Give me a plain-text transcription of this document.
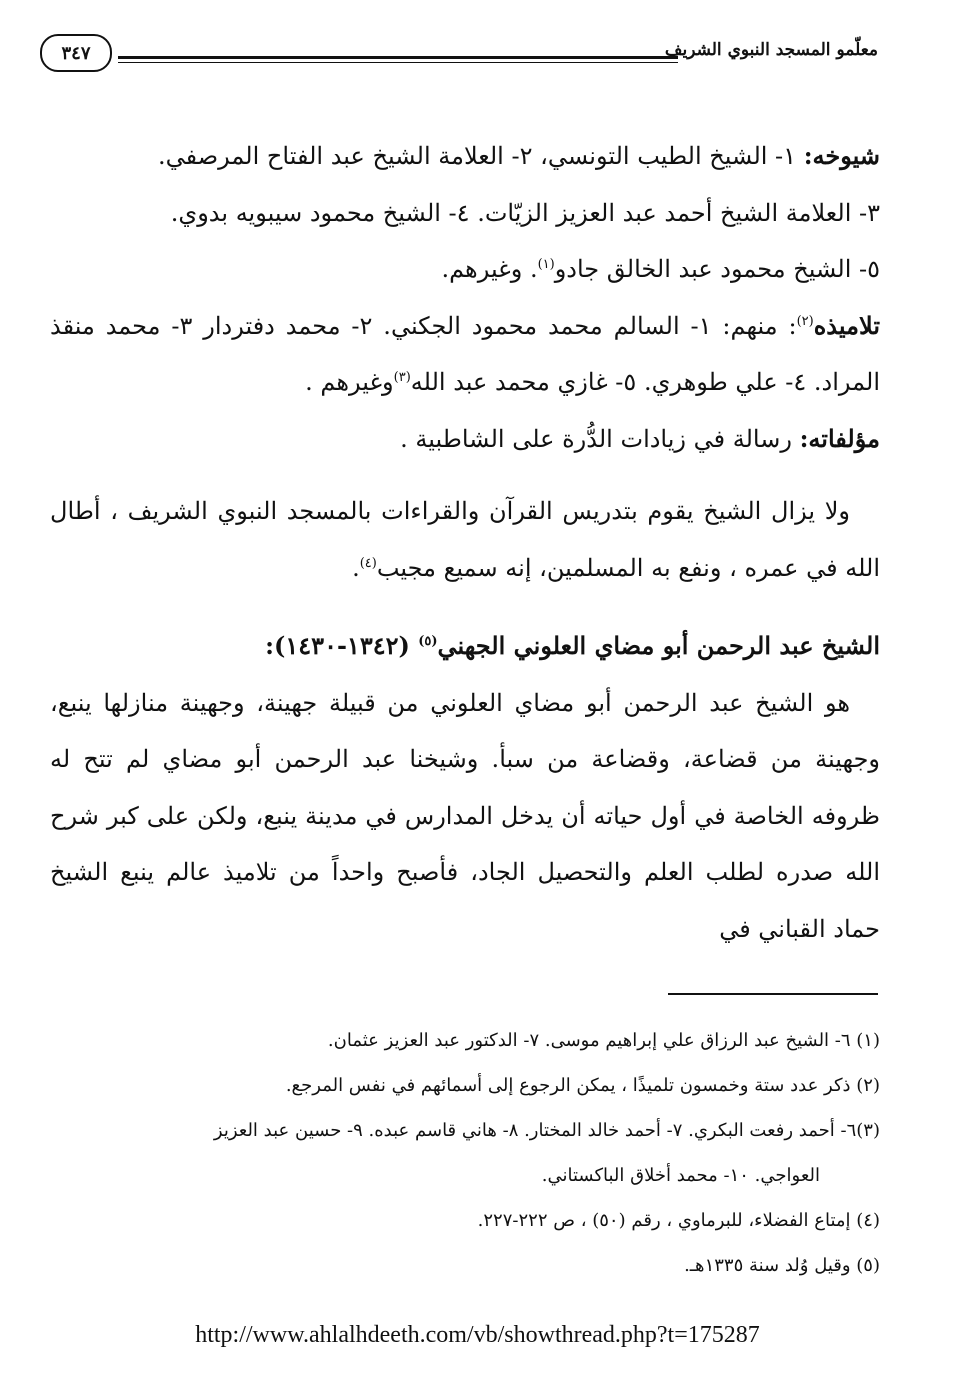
معلّمو المسجد النبوي الشريف
٣٤٧

شيوخه: ١- الشيخ الطيب التونسي، ٢- العلامة الشيخ عبد الفتاح المرصفي.

٣- العلامة الشيخ أحمد عبد العزيز الزيّات. ٤- الشيخ محمود سيبويه بدوي.

٥- الشيخ محمود عبد الخالق جادو$^{(١)}$. وغيرهم.

تلاميذه$^{(٢)}$: منهم: ١- السالم محمد محمود الجكني. ٢- محمد دفتردار ٣- محمد منقذ المراد. ٤- علي طوهري. ٥- غازي محمد عبد الله$^{(٣)}$وغيرهم .

مؤلفاته: رسالة في زيادات الدُّرة على الشاطبية .

ولا يزال الشيخ يقوم بتدريس القرآن والقراءات بالمسجد النبوي الشريف ، أطال الله في عمره ، ونفع به المسلمين، إنه سميع مجيب$^{(٤)}$.

الشيخ عبد الرحمن أبو مضاي العلوني الجهني$^{(٥)}$ (١٣٤٢-١٤٣٠):

هو الشيخ عبد الرحمن أبو مضاي العلوني من قبيلة جهينة، وجهينة منازلها ينبع، وجهينة من قضاعة، وقضاعة من سبأ. وشيخنا عبد الرحمن أبو مضاي لم تتح له ظروفه الخاصة في أول حياته أن يدخل المدارس في مدينة ينبع، ولكن على كبر شرح الله صدره لطلب العلم والتحصيل الجاد، فأصبح واحداً من تلاميذ عالم ينبع الشيخ حماد القباني في

(١) ٦- الشيخ عبد الرزاق علي إبراهيم موسى. ٧- الدكتور عبد العزيز عثمان.

(٢) ذكر عدد ستة وخمسون تلميذًا ، يمكن الرجوع إلى أسمائهم في نفس المرجع.

(٣)٦- أحمد رفعت البكري. ٧- أحمد خالد المختار. ٨- هاني قاسم عبده. ٩- حسين عبد العزيز

العواجي. ١٠- محمد أخلاق الباكستاني.

(٤) إمتاع الفضلاء، للبرماوي ، رقم (٥٠) ، ص ٢٢٢-٢٢٧.

(٥) وقيل وُلد سنة ١٣٣٥هـ.

http://www.ahlalhdeeth.com/vb/showthread.php?t=175287
